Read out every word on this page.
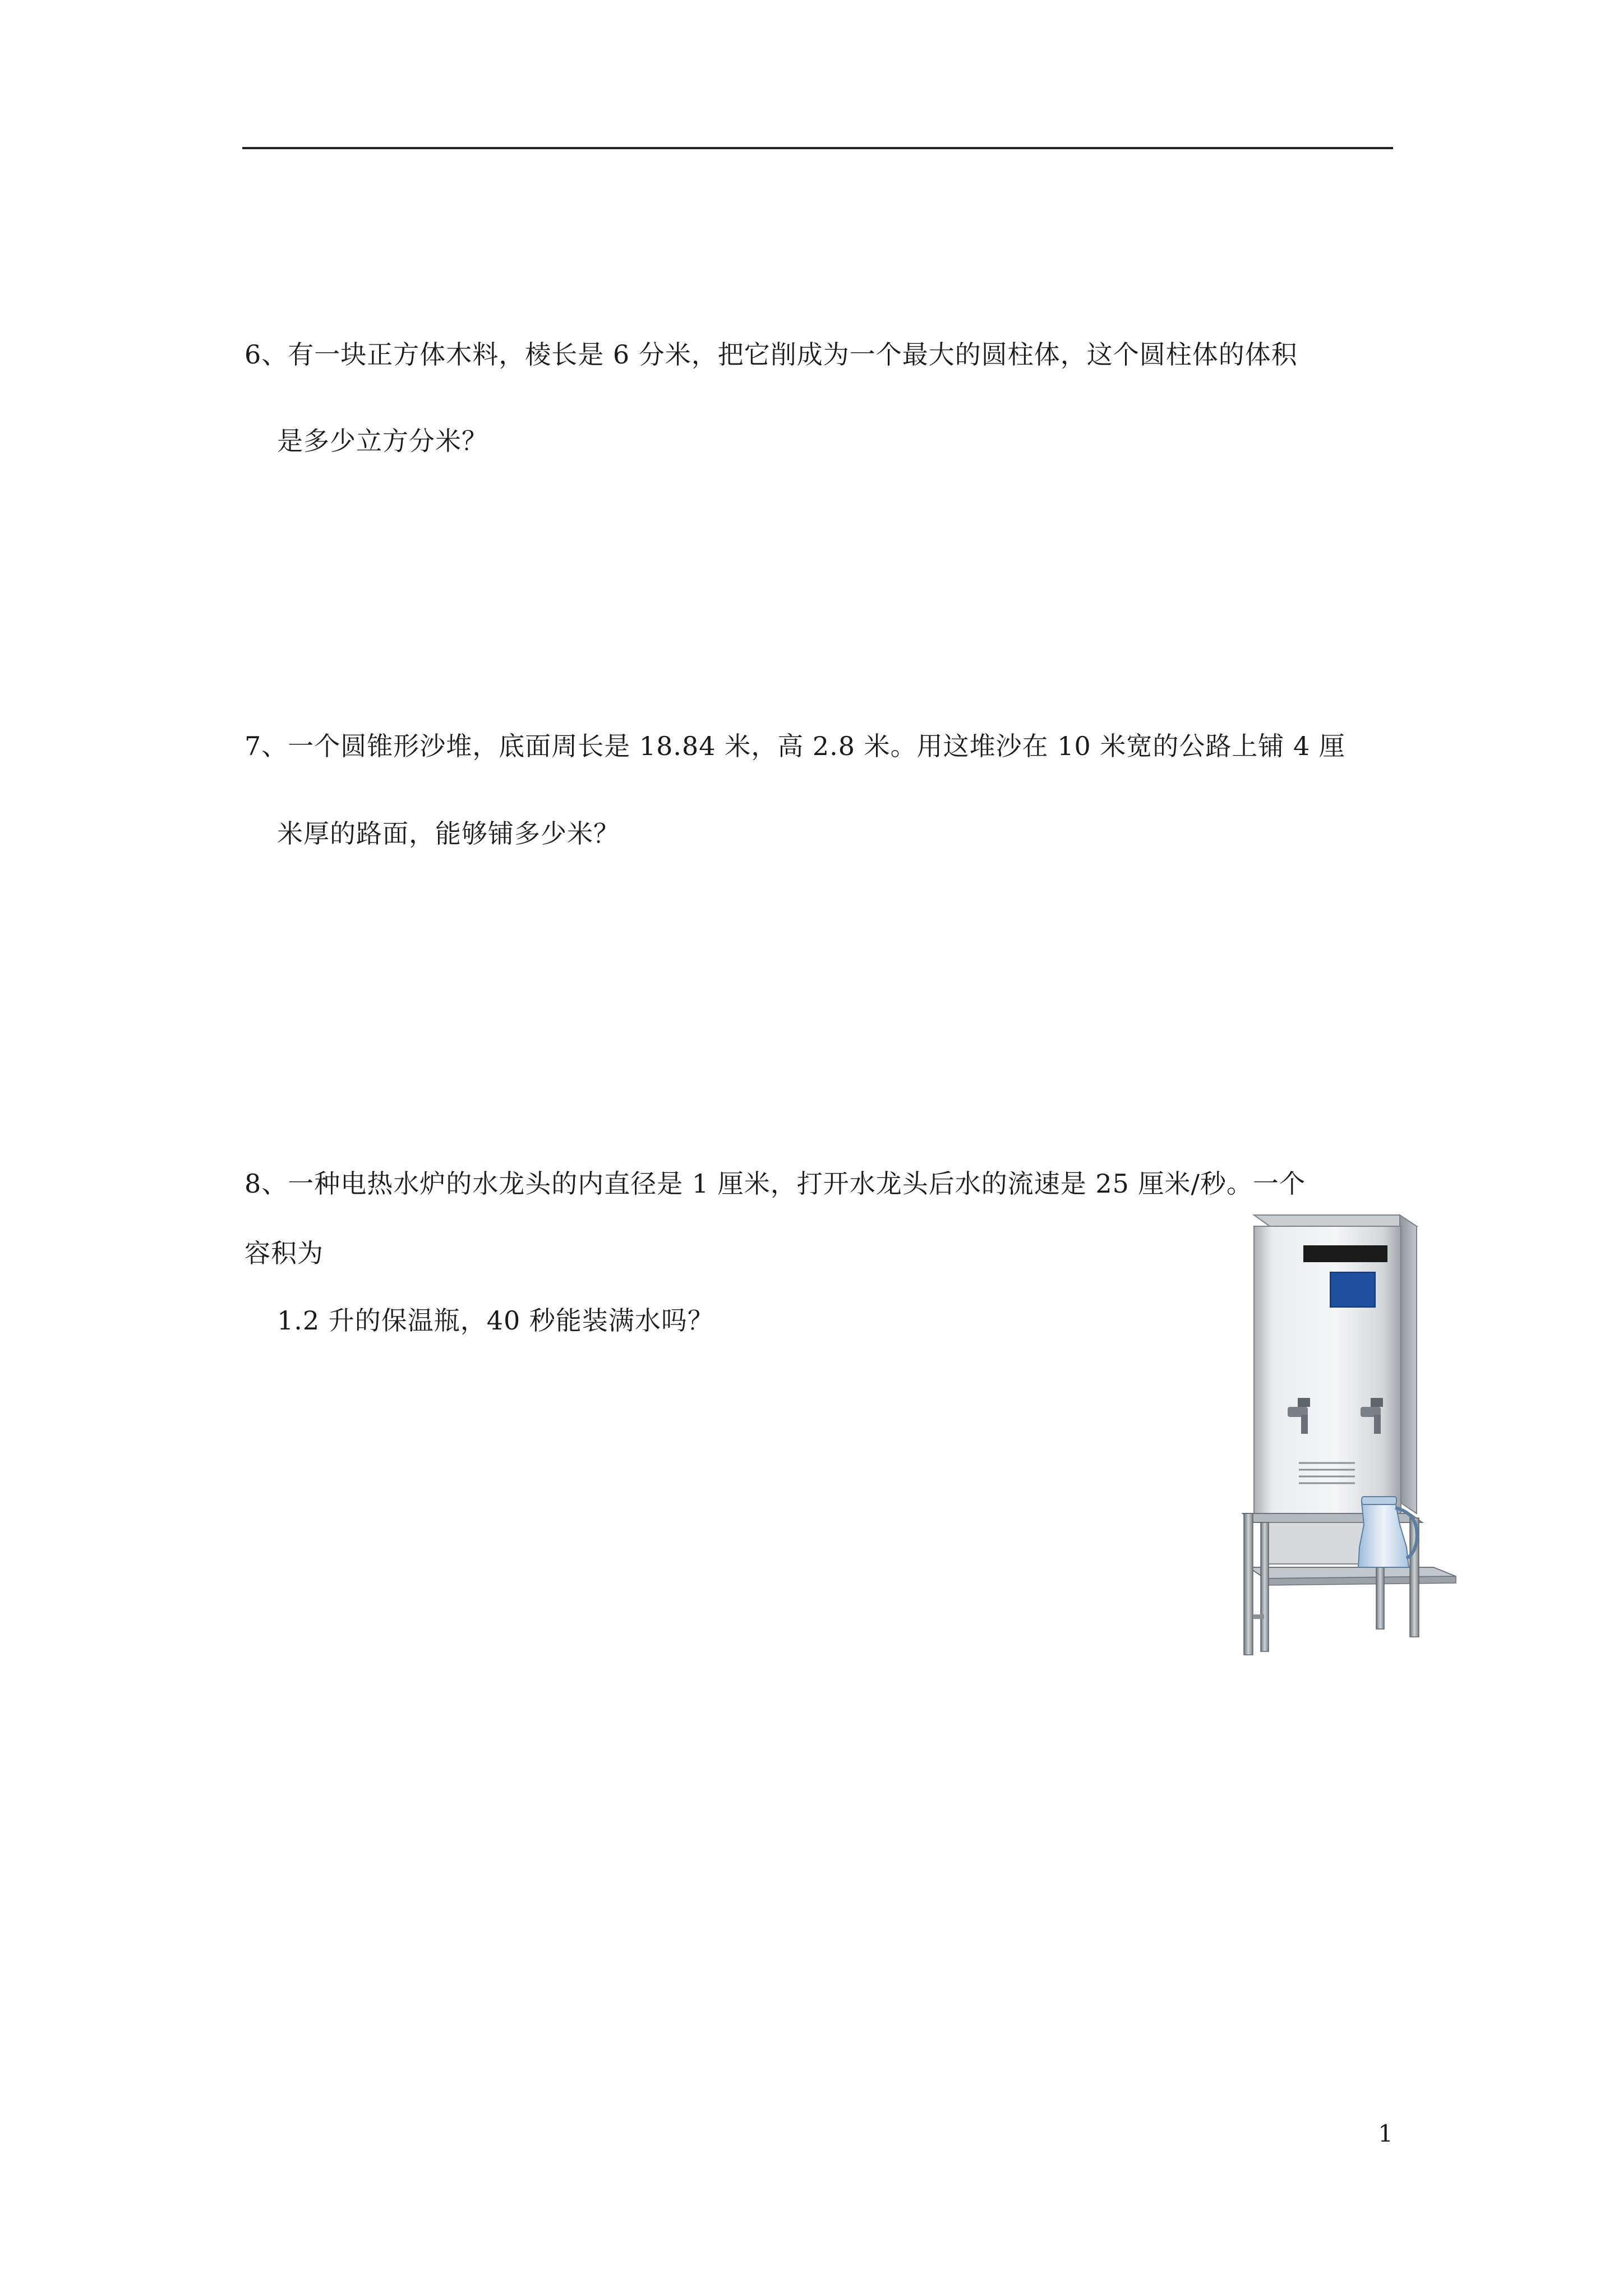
6、有一块正方体木料，棱长是 6 分米，把它削成为一个最大的圆柱体，这个圆柱体的体积
是多少立方分米？
7、一个圆锥形沙堆，底面周长是 18.84 米，高 2.8 米。用这堆沙在 10 米宽的公路上铺 4 厘
米厚的路面，能够铺多少米？
8、一种电热水炉的水龙头的内直径是 1 厘米，打开水龙头后水的流速是 25 厘米/秒。一个
容积为
1.2 升的保温瓶，40 秒能装满水吗？
1
